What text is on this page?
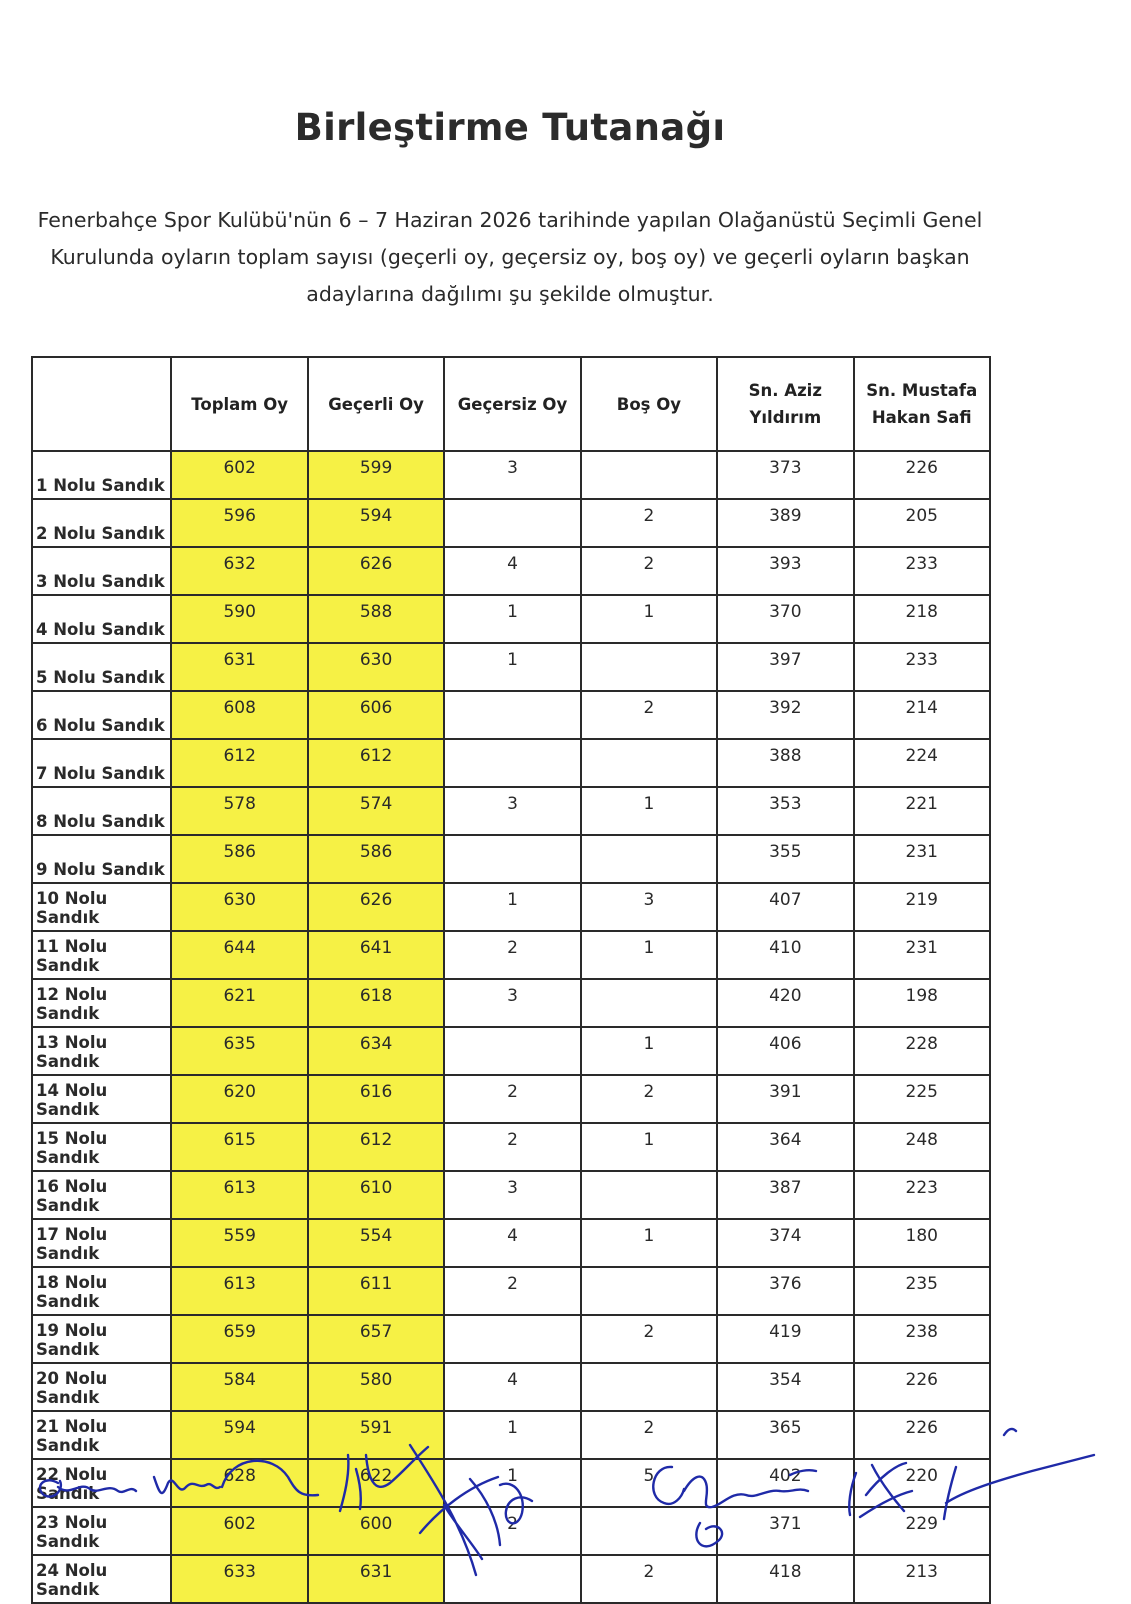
Birleştirme Tutanağı
Fenerbahçe Spor Kulübü'nün 6 – 7 Haziran 2026 tarihinde yapılan Olağanüstü Seçimli Genel Kurulunda oyların toplam sayısı (geçerli oy, geçersiz oy, boş oy) ve geçerli oyların başkan adaylarına dağılımı şu şekilde olmuştur.
	Toplam Oy	Geçerli Oy	Geçersiz Oy	Boş Oy	Sn. Aziz Yıldırım	Sn. Mustafa Hakan Safi
1 Nolu Sandık	602	599	3		373	226
2 Nolu Sandık	596	594		2	389	205
3 Nolu Sandık	632	626	4	2	393	233
4 Nolu Sandık	590	588	1	1	370	218
5 Nolu Sandık	631	630	1		397	233
6 Nolu Sandık	608	606		2	392	214
7 Nolu Sandık	612	612			388	224
8 Nolu Sandık	578	574	3	1	353	221
9 Nolu Sandık	586	586			355	231
10 Nolu Sandık	630	626	1	3	407	219
11 Nolu Sandık	644	641	2	1	410	231
12 Nolu Sandık	621	618	3		420	198
13 Nolu Sandık	635	634		1	406	228
14 Nolu Sandık	620	616	2	2	391	225
15 Nolu Sandık	615	612	2	1	364	248
16 Nolu Sandık	613	610	3		387	223
17 Nolu Sandık	559	554	4	1	374	180
18 Nolu Sandık	613	611	2		376	235
19 Nolu Sandık	659	657		2	419	238
20 Nolu Sandık	584	580	4		354	226
21 Nolu Sandık	594	591	1	2	365	226
22 Nolu Sandık	628	622	1	5	402	220
23 Nolu Sandık	602	600	2		371	229
24 Nolu Sandık	633	631		2	418	213
